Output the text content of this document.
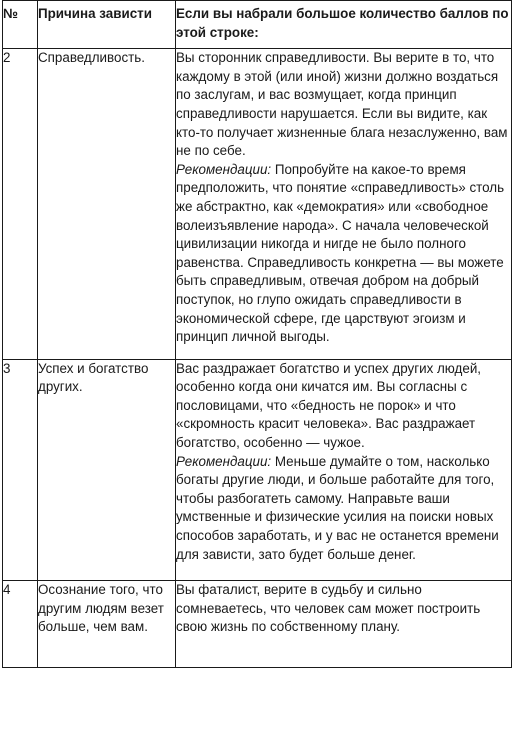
№	Причина зависти	Если вы набрали большое количество баллов по этой строке:
2	Справедливость.	Вы сторонник справедливости. Вы верите в то, что каждому в этой (или иной) жизни должно воздаться по заслугам, и вас возмущает, когда принцип справедливости нарушается. Если вы видите, как кто-то получает жизненные блага незаслуженно, вам не по себе.
Рекомендации: Попробуйте на какое-то время предположить, что понятие «справедливость» столь же абстрактно, как «демократия» или «свободное волеизъявление народа». С начала человеческой цивилизации никогда и нигде не было полного равенства. Справедливость конкретна — вы можете быть справедливым, отвечая добром на добрый поступок, но глупо ожидать справедливости в экономической сфере, где царствуют эгоизм и принцип личной выгоды.

3	Успех и богатство других.	Вас раздражает богатство и успех других людей, особенно когда они кичатся им. Вы согласны с пословицами, что «бедность не порок» и что «скромность красит человека». Вас раздражает богатство, особенно — чужое.
Рекомендации: Меньше думайте о том, насколько богаты другие люди, и больше работайте для того, чтобы разбогатеть самому. Направьте ваши умственные и физические усилия на поиски новых способов заработать, и у вас не останется времени для зависти, зато будет больше денег.

4	Осознание того, что другим людям везет больше, чем вам.	Вы фаталист, верите в судьбу и сильно сомневаетесь, что человек сам может построить свою жизнь по собственному плану.
